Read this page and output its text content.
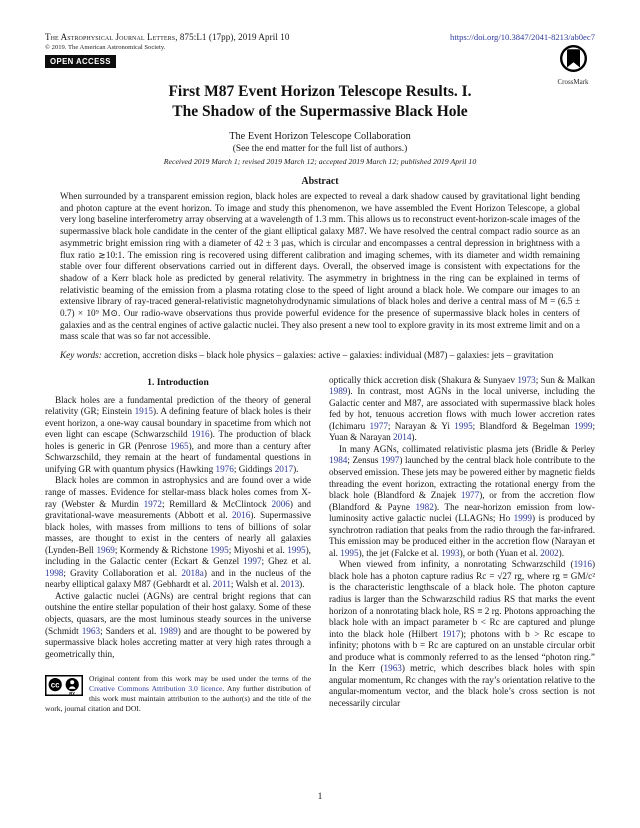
The Astrophysical Journal Letters, 875:L1 (17pp), 2019 April 10	https://doi.org/10.3847/2041-8213/ab0ec7
© 2019. The American Astronomical Society.
OPEN ACCESS
CrossMark
First M87 Event Horizon Telescope Results. I.
The Shadow of the Supermassive Black Hole
The Event Horizon Telescope Collaboration
(See the end matter for the full list of authors.)
Received 2019 March 1; revised 2019 March 12; accepted 2019 March 12; published 2019 April 10
Abstract

When surrounded by a transparent emission region, black holes are expected to reveal a dark shadow caused by gravitational light bending and photon capture at the event horizon. To image and study this phenomenon, we have assembled the Event Horizon Telescope, a global very long baseline interferometry array observing at a wavelength of 1.3 mm. This allows us to reconstruct event-horizon-scale images of the supermassive black hole candidate in the center of the giant elliptical galaxy M87. We have resolved the central compact radio source as an asymmetric bright emission ring with a diameter of 42 ± 3 μas, which is circular and encompasses a central depression in brightness with a flux ratio ≳10:1. The emission ring is recovered using different calibration and imaging schemes, with its diameter and width remaining stable over four different observations carried out in different days. Overall, the observed image is consistent with expectations for the shadow of a Kerr black hole as predicted by general relativity. The asymmetry in brightness in the ring can be explained in terms of relativistic beaming of the emission from a plasma rotating close to the speed of light around a black hole. We compare our images to an extensive library of ray-traced general-relativistic magnetohydrodynamic simulations of black holes and derive a central mass of M = (6.5 ± 0.7) × 10⁹ M⊙. Our radio-wave observations thus provide powerful evidence for the presence of supermassive black holes in centers of galaxies and as the central engines of active galactic nuclei. They also present a new tool to explore gravity in its most extreme limit and on a mass scale that was so far not accessible.

Key words: accretion, accretion disks – black hole physics – galaxies: active – galaxies: individual (M87) – galaxies: jets – gravitation

1. Introduction

Black holes are a fundamental prediction of the theory of general relativity (GR; Einstein 1915). A defining feature of black holes is their event horizon, a one-way causal boundary in spacetime from which not even light can escape (Schwarzschild 1916). The production of black holes is generic in GR (Penrose 1965), and more than a century after Schwarzschild, they remain at the heart of fundamental questions in unifying GR with quantum physics (Hawking 1976; Giddings 2017).

Black holes are common in astrophysics and are found over a wide range of masses. Evidence for stellar-mass black holes comes from X-ray (Webster & Murdin 1972; Remillard & McClintock 2006) and gravitational-wave measurements (Abbott et al. 2016). Supermassive black holes, with masses from millions to tens of billions of solar masses, are thought to exist in the centers of nearly all galaxies (Lynden-Bell 1969; Kormendy & Richstone 1995; Miyoshi et al. 1995), including in the Galactic center (Eckart & Genzel 1997; Ghez et al. 1998; Gravity Collaboration et al. 2018a) and in the nucleus of the nearby elliptical galaxy M87 (Gebhardt et al. 2011; Walsh et al. 2013).

Active galactic nuclei (AGNs) are central bright regions that can outshine the entire stellar population of their host galaxy. Some of these objects, quasars, are the most luminous steady sources in the universe (Schmidt 1963; Sanders et al. 1989) and are thought to be powered by supermassive black holes accreting matter at very high rates through a geometrically thin,

cc
BY
Original content from this work may be used under the terms of the Creative Commons Attribution 3.0 licence. Any further distribution of this work must maintain attribution to the author(s) and the title of the work, journal citation and DOI.

optically thick accretion disk (Shakura & Sunyaev 1973; Sun & Malkan 1989). In contrast, most AGNs in the local universe, including the Galactic center and M87, are associated with supermassive black holes fed by hot, tenuous accretion flows with much lower accretion rates (Ichimaru 1977; Narayan & Yi 1995; Blandford & Begelman 1999; Yuan & Narayan 2014).

In many AGNs, collimated relativistic plasma jets (Bridle & Perley 1984; Zensus 1997) launched by the central black hole contribute to the observed emission. These jets may be powered either by magnetic fields threading the event horizon, extracting the rotational energy from the black hole (Blandford & Znajek 1977), or from the accretion flow (Blandford & Payne 1982). The near-horizon emission from low-luminosity active galactic nuclei (LLAGNs; Ho 1999) is produced by synchrotron radiation that peaks from the radio through the far-infrared. This emission may be produced either in the accretion flow (Narayan et al. 1995), the jet (Falcke et al. 1993), or both (Yuan et al. 2002).

When viewed from infinity, a nonrotating Schwarzschild (1916) black hole has a photon capture radius Rc = √27 rg, where rg ≡ GM/c² is the characteristic lengthscale of a black hole. The photon capture radius is larger than the Schwarzschild radius RS that marks the event horizon of a nonrotating black hole, RS ≡ 2 rg. Photons approaching the black hole with an impact parameter b < Rc are captured and plunge into the black hole (Hilbert 1917); photons with b > Rc escape to infinity; photons with b = Rc are captured on an unstable circular orbit and produce what is commonly referred to as the lensed “photon ring.” In the Kerr (1963) metric, which describes black holes with spin angular momentum, Rc changes with the ray’s orientation relative to the angular-momentum vector, and the black hole’s cross section is not necessarily circular

1
